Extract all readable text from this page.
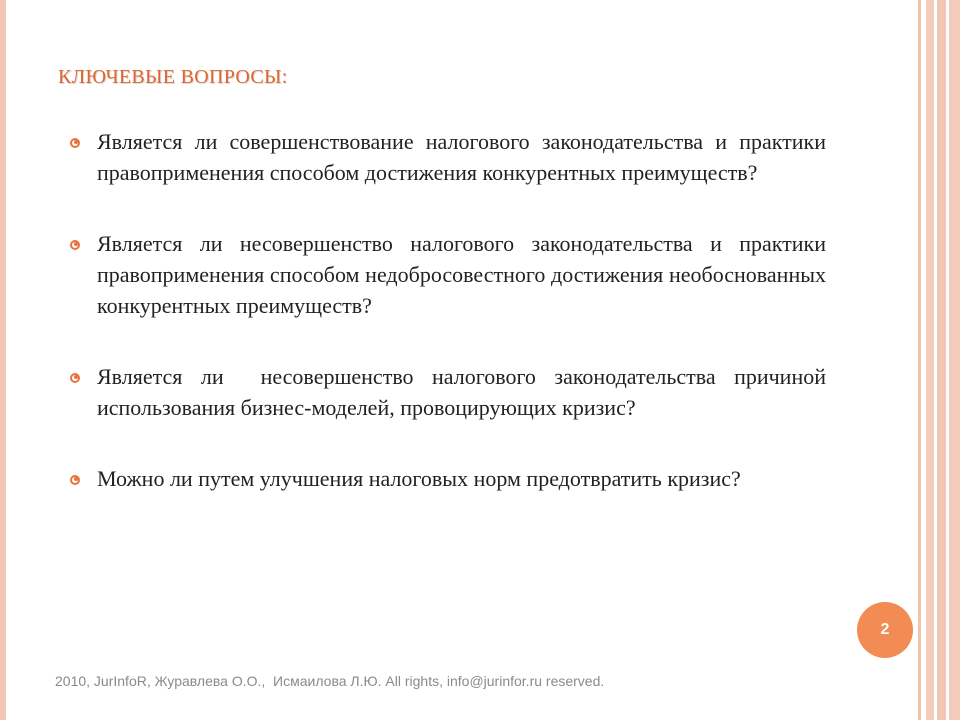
КЛЮЧЕВЫЕ ВОПРОСЫ:
Является ли совершенствование налогового законодательства и практики правоприменения способом достижения конкурентных преимуществ?
Является ли несовершенство налогового законодательства и практики правоприменения способом недобросовестного достижения необоснованных конкурентных преимуществ?
Является ли  несовершенство налогового законодательства причиной использования бизнес-моделей, провоцирующих кризис?
Можно ли путем улучшения налоговых норм предотвратить кризис?
2
2010, JurInfoR, Журавлева О.О.,  Исмаилова Л.Ю. All rights, info@jurinfor.ru reserved.
